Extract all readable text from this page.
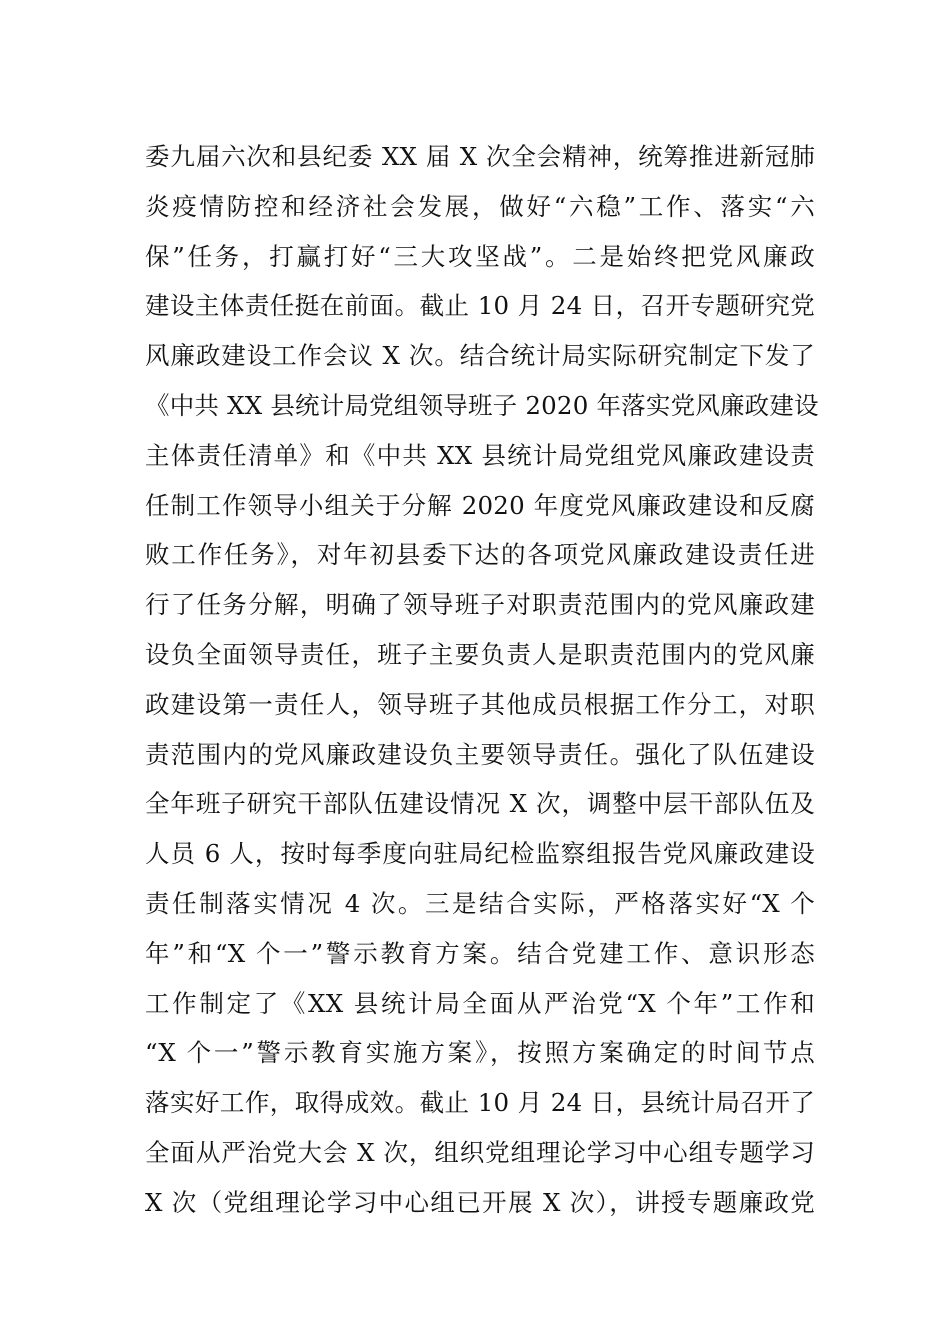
委九届六次和县纪委 XX 届 X 次全会精神，统筹推进新冠肺
炎疫情防控和经济社会发展，做好“六稳”工作、落实“六
保”任务，打赢打好“三大攻坚战”。二是始终把党风廉政
建设主体责任挺在前面。截止 10 月 24 日，召开专题研究党
风廉政建设工作会议 X 次。结合统计局实际研究制定下发了
《中共 XX 县统计局党组领导班子 2020 年落实党风廉政建设
主体责任清单》和《中共 XX 县统计局党组党风廉政建设责
任制工作领导小组关于分解 2020 年度党风廉政建设和反腐
败工作任务》，对年初县委下达的各项党风廉政建设责任进
行了任务分解，明确了领导班子对职责范围内的党风廉政建
设负全面领导责任，班子主要负责人是职责范围内的党风廉
政建设第一责任人，领导班子其他成员根据工作分工，对职
责范围内的党风廉政建设负主要领导责任。强化了队伍建设
全年班子研究干部队伍建设情况 X 次，调整中层干部队伍及
人员 6 人，按时每季度向驻局纪检监察组报告党风廉政建设
责任制落实情况 4 次。三是结合实际，严格落实好“X 个
年”和“X 个一”警示教育方案。结合党建工作、意识形态
工作制定了《XX 县统计局全面从严治党“X 个年”工作和
“X 个一”警示教育实施方案》，按照方案确定的时间节点
落实好工作，取得成效。截止 10 月 24 日，县统计局召开了
全面从严治党大会 X 次，组织党组理论学习中心组专题学习
X 次（党组理论学习中心组已开展 X 次），讲授专题廉政党
